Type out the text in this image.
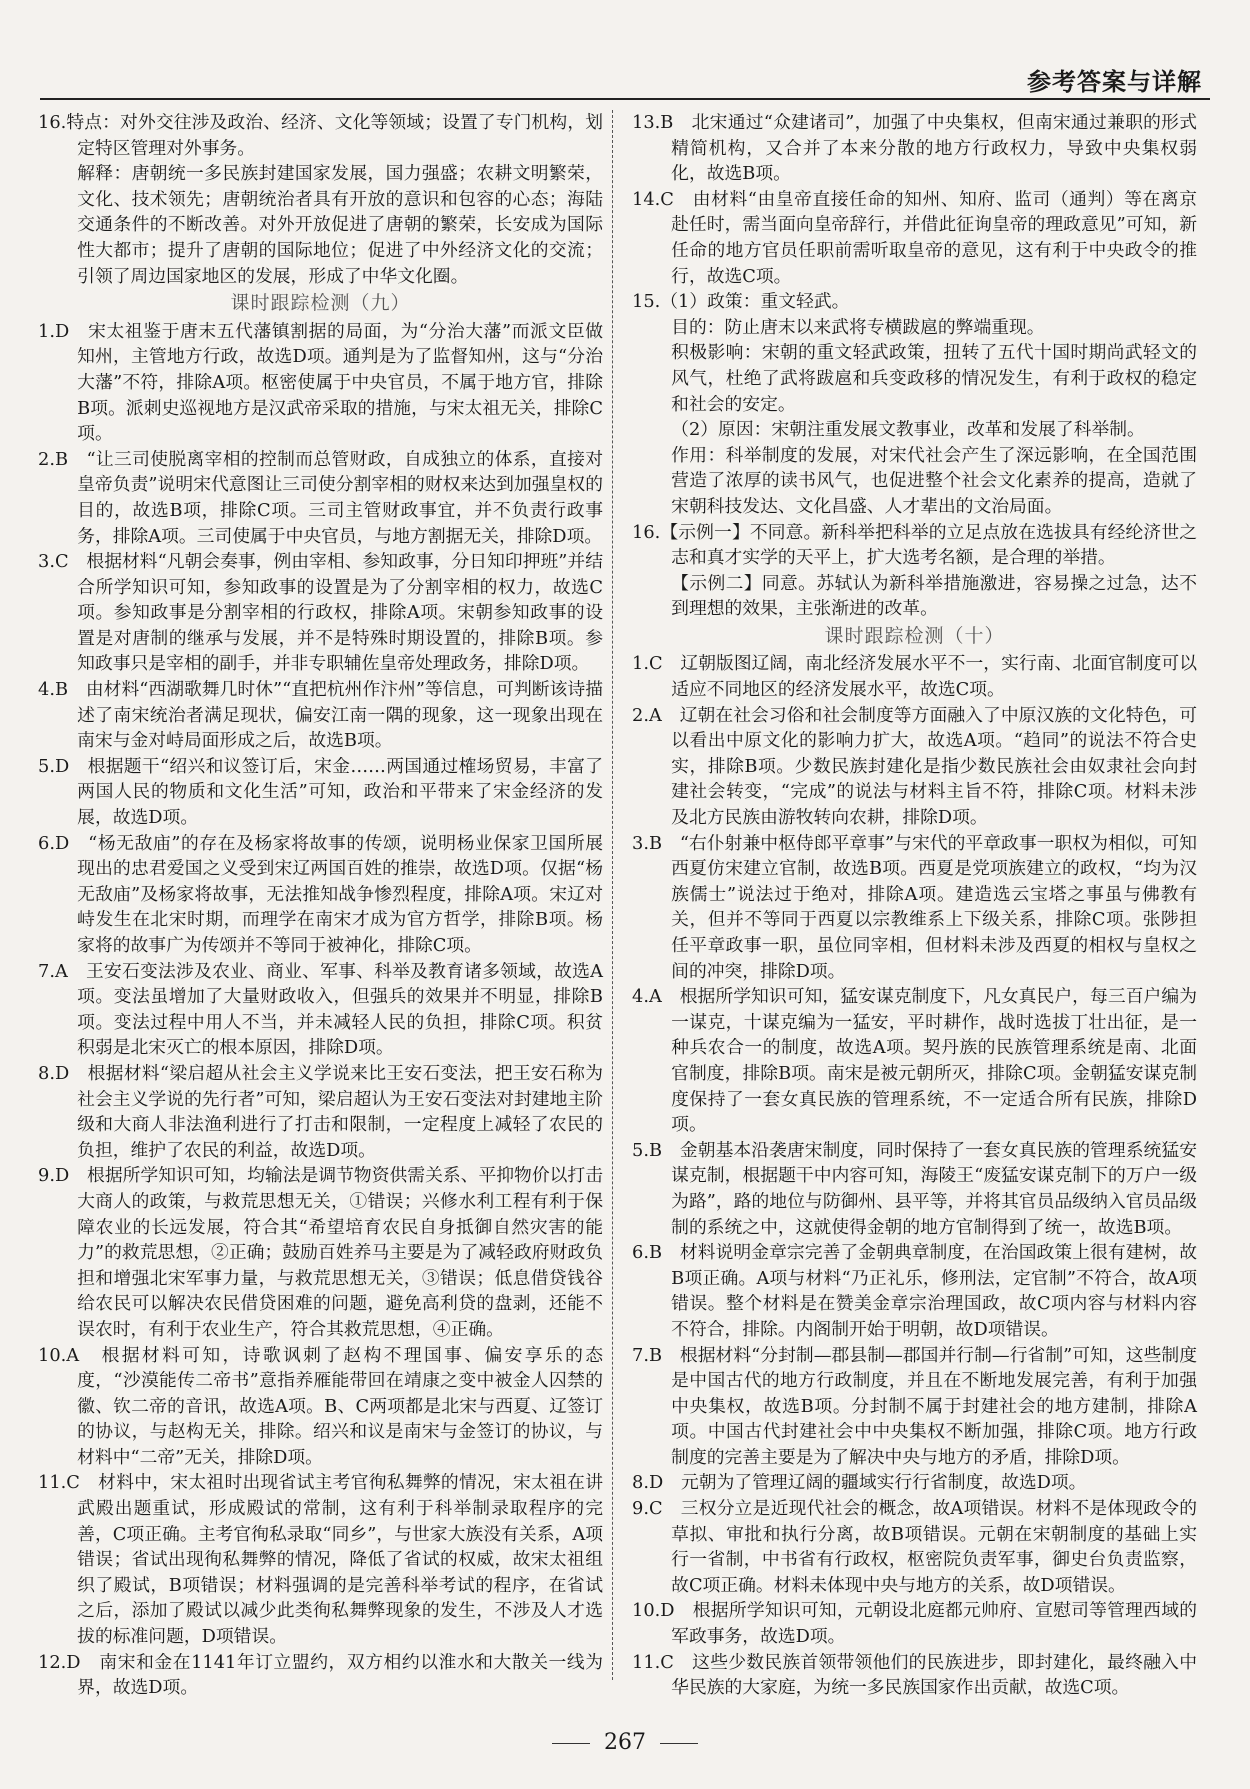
参考答案与详解

16.特点：对外交往涉及政治、经济、文化等领域；设置了专门机构，划定特区管理对外事务。

解释：唐朝统一多民族封建国家发展，国力强盛；农耕文明繁荣，文化、技术领先；唐朝统治者具有开放的意识和包容的心态；海陆交通条件的不断改善。对外开放促进了唐朝的繁荣，长安成为国际性大都市；提升了唐朝的国际地位；促进了中外经济文化的交流；引领了周边国家地区的发展，形成了中华文化圈。

课时跟踪检测（九）

1.D　宋太祖鉴于唐末五代藩镇割据的局面，为“分治大藩”而派文臣做知州，主管地方行政，故选D项。通判是为了监督知州，这与“分治大藩”不符，排除A项。枢密使属于中央官员，不属于地方官，排除B项。派刺史巡视地方是汉武帝采取的措施，与宋太祖无关，排除C项。

2.B　“让三司使脱离宰相的控制而总管财政，自成独立的体系，直接对皇帝负责”说明宋代意图让三司使分割宰相的财权来达到加强皇权的目的，故选B项，排除C项。三司主管财政事宜，并不负责行政事务，排除A项。三司使属于中央官员，与地方割据无关，排除D项。

3.C　根据材料“凡朝会奏事，例由宰相、参知政事，分日知印押班”并结合所学知识可知，参知政事的设置是为了分割宰相的权力，故选C项。参知政事是分割宰相的行政权，排除A项。宋朝参知政事的设置是对唐制的继承与发展，并不是特殊时期设置的，排除B项。参知政事只是宰相的副手，并非专职辅佐皇帝处理政务，排除D项。

4.B　由材料“西湖歌舞几时休”“直把杭州作汴州”等信息，可判断该诗描述了南宋统治者满足现状，偏安江南一隅的现象，这一现象出现在南宋与金对峙局面形成之后，故选B项。

5.D　根据题干“绍兴和议签订后，宋金……两国通过榷场贸易，丰富了两国人民的物质和文化生活”可知，政治和平带来了宋金经济的发展，故选D项。

6.D　“杨无敌庙”的存在及杨家将故事的传颂，说明杨业保家卫国所展现出的忠君爱国之义受到宋辽两国百姓的推崇，故选D项。仅据“杨无敌庙”及杨家将故事，无法推知战争惨烈程度，排除A项。宋辽对峙发生在北宋时期，而理学在南宋才成为官方哲学，排除B项。杨家将的故事广为传颂并不等同于被神化，排除C项。

7.A　王安石变法涉及农业、商业、军事、科举及教育诸多领域，故选A项。变法虽增加了大量财政收入，但强兵的效果并不明显，排除B项。变法过程中用人不当，并未减轻人民的负担，排除C项。积贫积弱是北宋灭亡的根本原因，排除D项。

8.D　根据材料“梁启超从社会主义学说来比王安石变法，把王安石称为社会主义学说的先行者”可知，梁启超认为王安石变法对封建地主阶级和大商人非法渔利进行了打击和限制，一定程度上减轻了农民的负担，维护了农民的利益，故选D项。

9.D　根据所学知识可知，均输法是调节物资供需关系、平抑物价以打击大商人的政策，与救荒思想无关，①错误；兴修水利工程有利于保障农业的长远发展，符合其“希望培育农民自身抵御自然灾害的能力”的救荒思想，②正确；鼓励百姓养马主要是为了减轻政府财政负担和增强北宋军事力量，与救荒思想无关，③错误；低息借贷钱谷给农民可以解决农民借贷困难的问题，避免高利贷的盘剥，还能不误农时，有利于农业生产，符合其救荒思想，④正确。

10.A　根据材料可知，诗歌讽刺了赵构不理国事、偏安享乐的态度，“沙漠能传二帝书”意指养雁能带回在靖康之变中被金人囚禁的徽、钦二帝的音讯，故选A项。B、C两项都是北宋与西夏、辽签订的协议，与赵构无关，排除。绍兴和议是南宋与金签订的协议，与材料中“二帝”无关，排除D项。

11.C　材料中，宋太祖时出现省试主考官徇私舞弊的情况，宋太祖在讲武殿出题重试，形成殿试的常制，这有利于科举制录取程序的完善，C项正确。主考官徇私录取“同乡”，与世家大族没有关系，A项错误；省试出现徇私舞弊的情况，降低了省试的权威，故宋太祖组织了殿试，B项错误；材料强调的是完善科举考试的程序，在省试之后，添加了殿试以减少此类徇私舞弊现象的发生，不涉及人才选拔的标准问题，D项错误。

12.D　南宋和金在1141年订立盟约，双方相约以淮水和大散关一线为界，故选D项。

13.B　北宋通过“众建诸司”，加强了中央集权，但南宋通过兼职的形式精简机构，又合并了本来分散的地方行政权力，导致中央集权弱化，故选B项。

14.C　由材料“由皇帝直接任命的知州、知府、监司（通判）等在离京赴任时，需当面向皇帝辞行，并借此征询皇帝的理政意见”可知，新任命的地方官员任职前需听取皇帝的意见，这有利于中央政令的推行，故选C项。

15.（1）政策：重文轻武。

目的：防止唐末以来武将专横跋扈的弊端重现。

积极影响：宋朝的重文轻武政策，扭转了五代十国时期尚武轻文的风气，杜绝了武将跋扈和兵变政移的情况发生，有利于政权的稳定和社会的安定。

（2）原因：宋朝注重发展文教事业，改革和发展了科举制。

作用：科举制度的发展，对宋代社会产生了深远影响，在全国范围营造了浓厚的读书风气，也促进整个社会文化素养的提高，造就了宋朝科技发达、文化昌盛、人才辈出的文治局面。

16.【示例一】不同意。新科举把科举的立足点放在选拔具有经纶济世之志和真才实学的天平上，扩大选考名额，是合理的举措。

【示例二】同意。苏轼认为新科举措施激进，容易操之过急，达不到理想的效果，主张渐进的改革。

课时跟踪检测（十）

1.C　辽朝版图辽阔，南北经济发展水平不一，实行南、北面官制度可以适应不同地区的经济发展水平，故选C项。

2.A　辽朝在社会习俗和社会制度等方面融入了中原汉族的文化特色，可以看出中原文化的影响力扩大，故选A项。“趋同”的说法不符合史实，排除B项。少数民族封建化是指少数民族社会由奴隶社会向封建社会转变，“完成”的说法与材料主旨不符，排除C项。材料未涉及北方民族由游牧转向农耕，排除D项。

3.B　“右仆射兼中枢侍郎平章事”与宋代的平章政事一职权为相似，可知西夏仿宋建立官制，故选B项。西夏是党项族建立的政权，“均为汉族儒士”说法过于绝对，排除A项。建造选云宝塔之事虽与佛教有关，但并不等同于西夏以宗教维系上下级关系，排除C项。张陟担任平章政事一职，虽位同宰相，但材料未涉及西夏的相权与皇权之间的冲突，排除D项。

4.A　根据所学知识可知，猛安谋克制度下，凡女真民户，每三百户编为一谋克，十谋克编为一猛安，平时耕作，战时选拔丁壮出征，是一种兵农合一的制度，故选A项。契丹族的民族管理系统是南、北面官制度，排除B项。南宋是被元朝所灭，排除C项。金朝猛安谋克制度保持了一套女真民族的管理系统，不一定适合所有民族，排除D项。

5.B　金朝基本沿袭唐宋制度，同时保持了一套女真民族的管理系统猛安谋克制，根据题干中内容可知，海陵王“废猛安谋克制下的万户一级为路”，路的地位与防御州、县平等，并将其官员品级纳入官员品级制的系统之中，这就使得金朝的地方官制得到了统一，故选B项。

6.B　材料说明金章宗完善了金朝典章制度，在治国政策上很有建树，故B项正确。A项与材料“乃正礼乐，修刑法，定官制”不符合，故A项错误。整个材料是在赞美金章宗治理国政，故C项内容与材料内容不符合，排除。内阁制开始于明朝，故D项错误。

7.B　根据材料“分封制—郡县制—郡国并行制—行省制”可知，这些制度是中国古代的地方行政制度，并且在不断地发展完善，有利于加强中央集权，故选B项。分封制不属于封建社会的地方建制，排除A项。中国古代封建社会中中央集权不断加强，排除C项。地方行政制度的完善主要是为了解决中央与地方的矛盾，排除D项。

8.D　元朝为了管理辽阔的疆域实行行省制度，故选D项。

9.C　三权分立是近现代社会的概念，故A项错误。材料不是体现政令的草拟、审批和执行分离，故B项错误。元朝在宋朝制度的基础上实行一省制，中书省有行政权，枢密院负责军事，御史台负责监察，故C项正确。材料未体现中央与地方的关系，故D项错误。

10.D　根据所学知识可知，元朝设北庭都元帅府、宣慰司等管理西域的军政事务，故选D项。

11.C　这些少数民族首领带领他们的民族进步，即封建化，最终融入中华民族的大家庭，为统一多民族国家作出贡献，故选C项。

267
